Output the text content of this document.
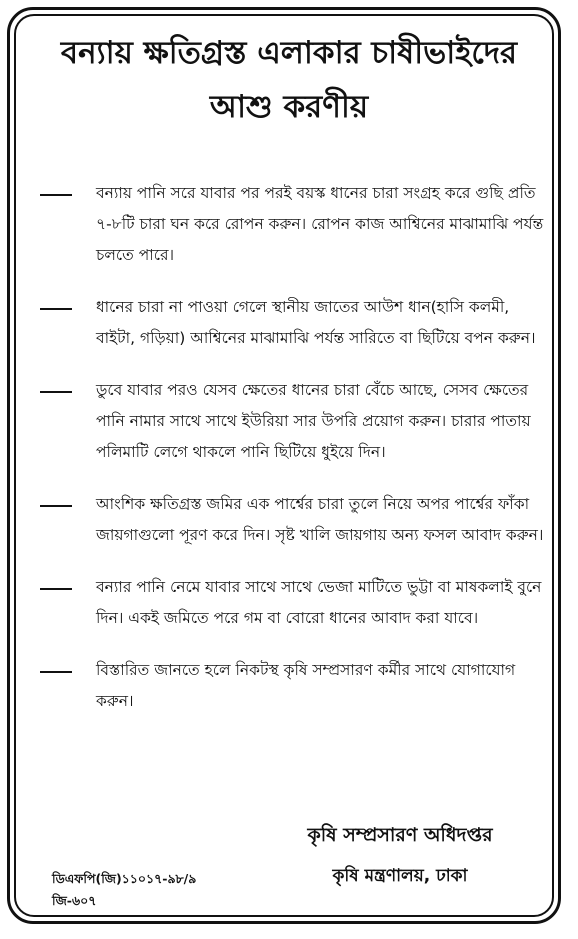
বন্যায় ক্ষতিগ্রস্ত এলাকার চাষীভাইদের
আশু করণীয়
বন্যায় পানি সরে যাবার পর পরই বয়স্ক ধানের চারা সংগ্রহ করে গুছি প্রতি ৭-৮টি চারা ঘন করে রোপন করুন। রোপন কাজ আশ্বিনের মাঝামাঝি পর্যন্ত চলতে পারে।
ধানের চারা না পাওয়া গেলে স্থানীয় জাতের আউশ ধান(হাসি কলমী, বাইটা, গড়িয়া) আশ্বিনের মাঝামাঝি পর্যন্ত সারিতে বা ছিটিয়ে বপন করুন।
ডুবে যাবার পরও যেসব ক্ষেতের ধানের চারা বেঁচে আছে, সেসব ক্ষেতের পানি নামার সাথে সাথে ইউরিয়া সার উপরি প্রয়োগ করুন। চারার পাতায় পলিমাটি লেগে থাকলে পানি ছিটিয়ে ধুইয়ে দিন।
আংশিক ক্ষতিগ্রস্ত জমির এক পার্শ্বের চারা তুলে নিয়ে অপর পার্শ্বের ফাঁকা জায়গাগুলো পূরণ করে দিন। সৃষ্ট খালি জায়গায় অন্য ফসল আবাদ করুন।
বন্যার পানি নেমে যাবার সাথে সাথে ভেজা মাটিতে ভুট্টা বা মাষকলাই বুনে দিন। একই জমিতে পরে গম বা বোরো ধানের আবাদ করা যাবে।
বিস্তারিত জানতে হলে নিকটস্থ কৃষি সম্প্রসারণ কর্মীর সাথে যোগাযোগ করুন।
কৃষি সম্প্রসারণ অধিদপ্তর
কৃষি মন্ত্রণালয়, ঢাকা
ডিএফপি(জি)১১০১৭-৯৮/৯
জি-৬০৭
